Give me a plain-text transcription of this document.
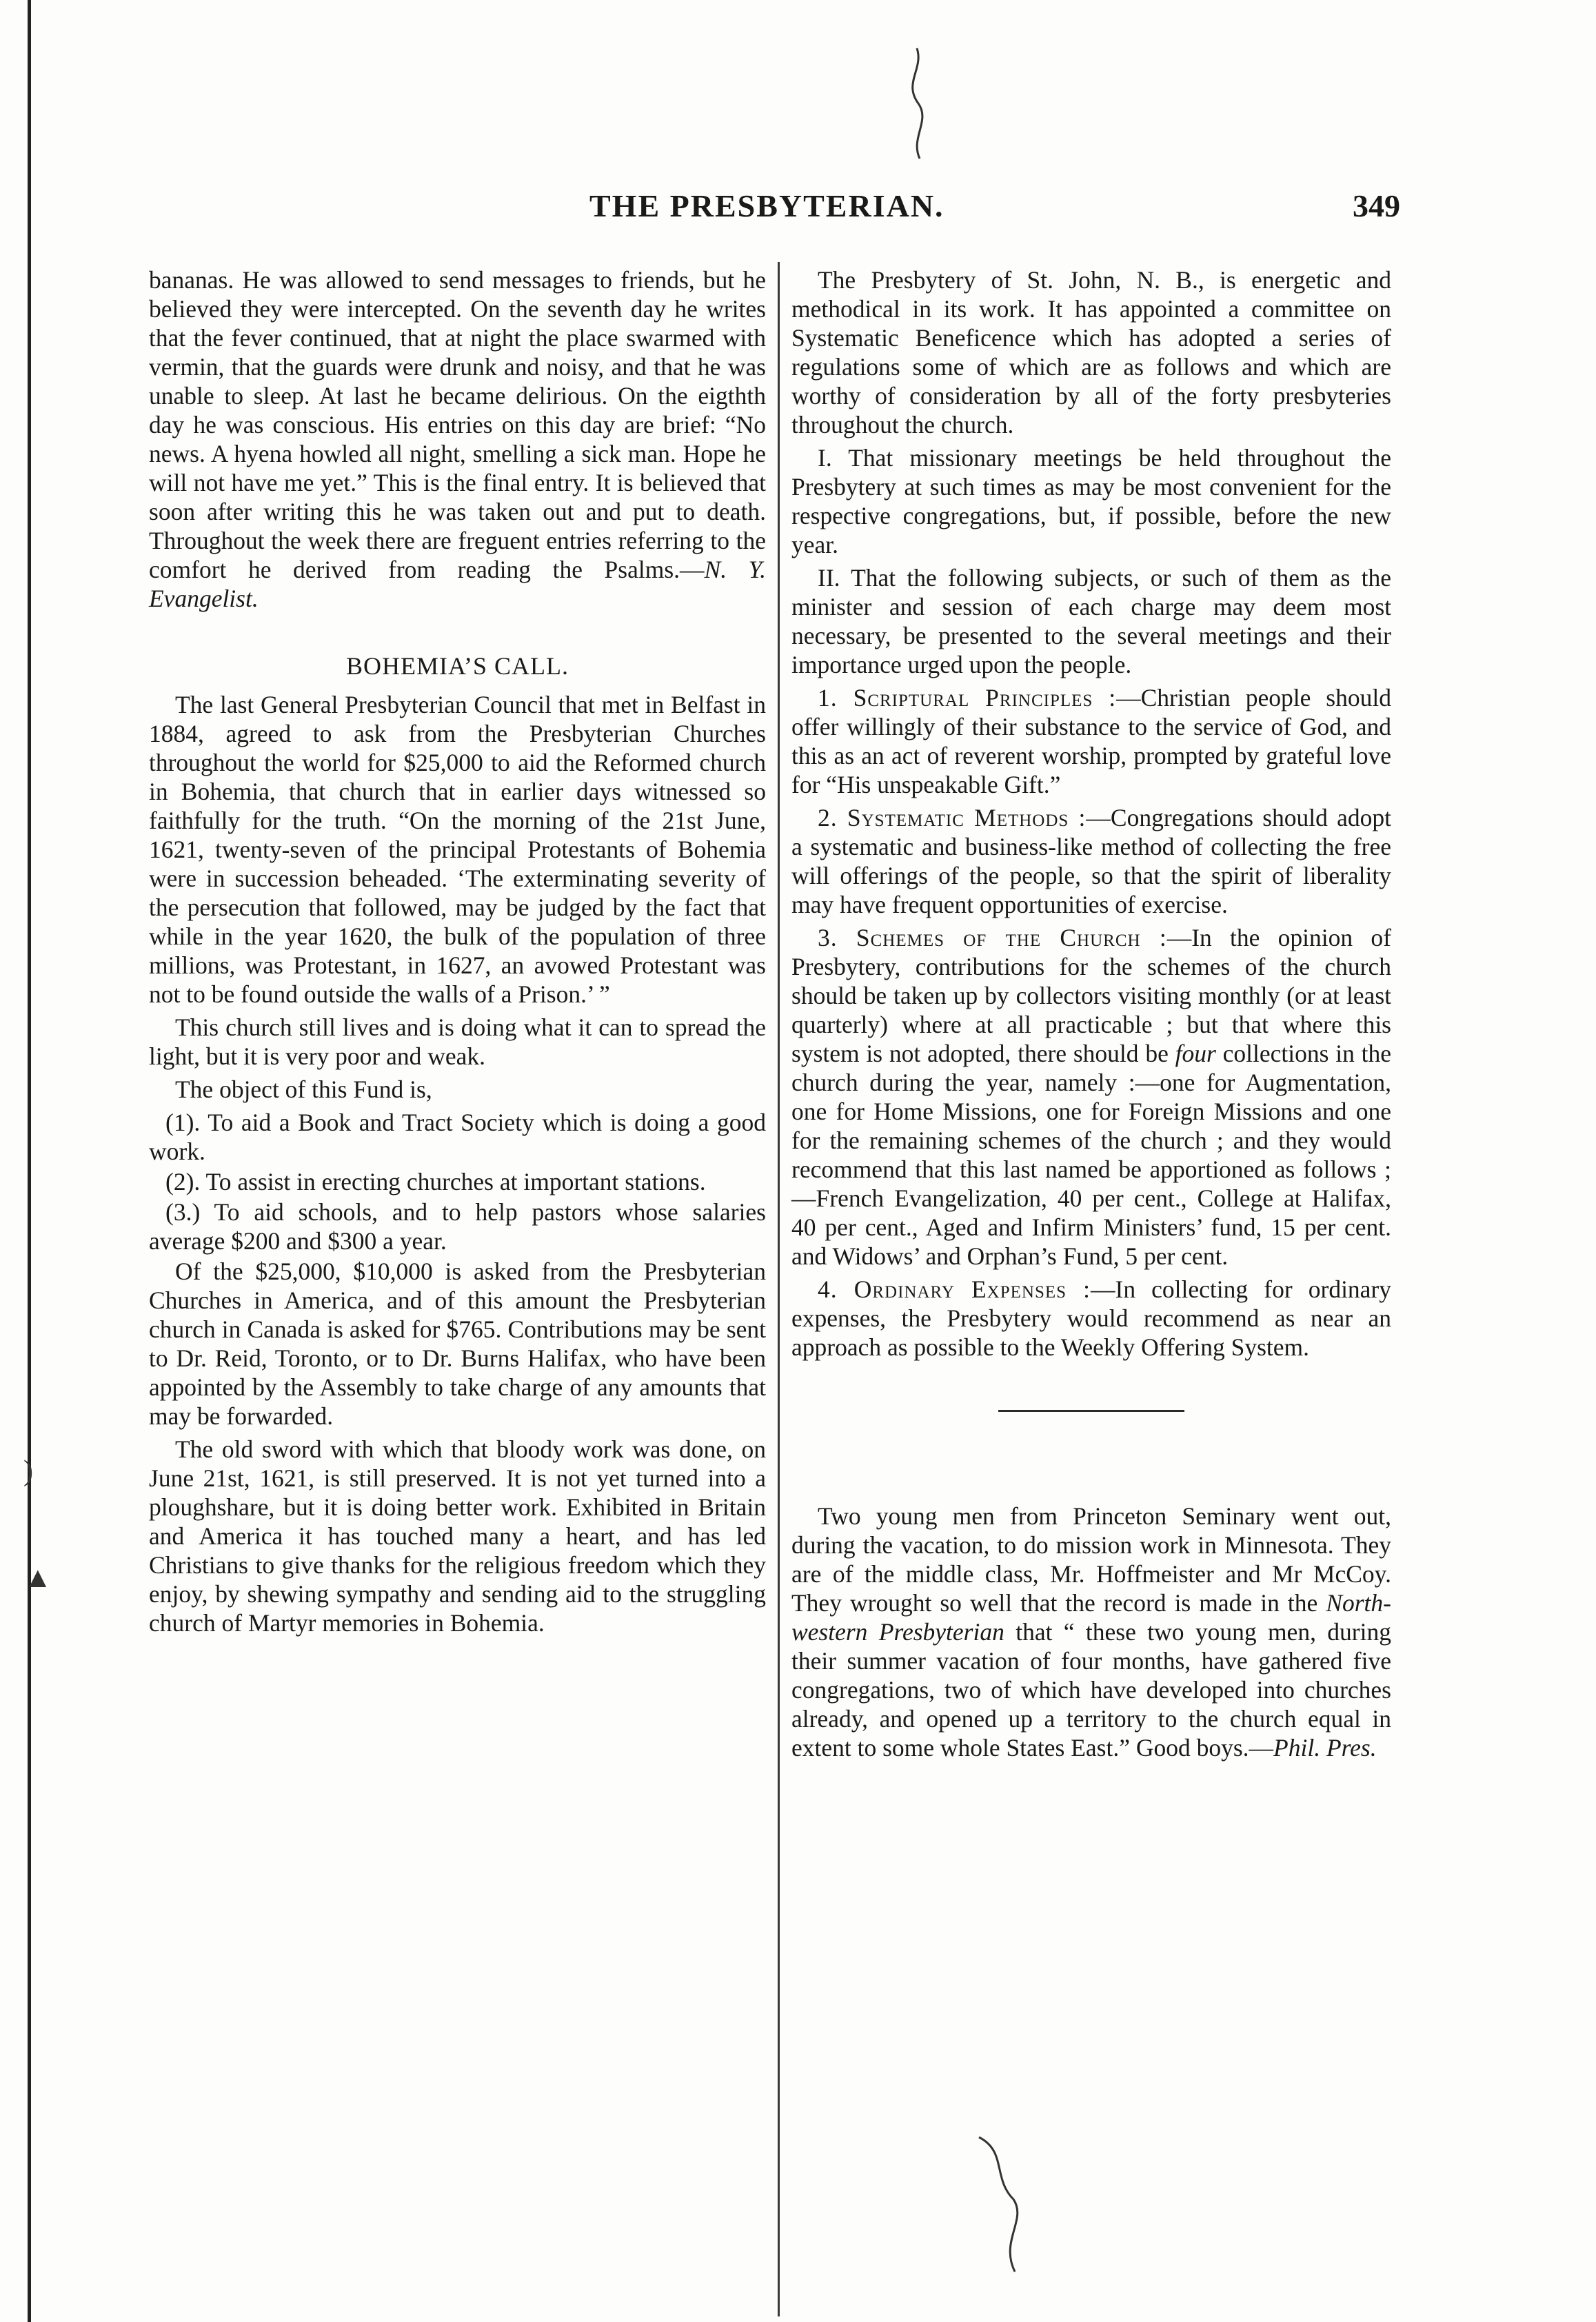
THE PRESBYTERIAN.	349

bananas. He was allowed to send messages to friends, but he believed they were intercepted. On the seventh day he writes that the fever continued, that at night the place swarmed with vermin, that the guards were drunk and noisy, and that he was unable to sleep. At last he became delirious. On the eigthth day he was conscious. His entries on this day are brief: “No news. A hyena howled all night, smelling a sick man. Hope he will not have me yet.” This is the final entry. It is believed that soon after writing this he was taken out and put to death. Throughout the week there are freguent entries referring to the comfort he derived from reading the Psalms.—N. Y. Evangelist.

BOHEMIA’S CALL.

The last General Presbyterian Council that met in Belfast in 1884, agreed to ask from the Presbyterian Churches throughout the world for $25,000 to aid the Reformed church in Bohemia, that church that in earlier days witnessed so faithfully for the truth. “On the morning of the 21st June, 1621, twenty-seven of the principal Protestants of Bohemia were in succession beheaded. ‘The exterminating severity of the persecution that followed, may be judged by the fact that while in the year 1620, the bulk of the population of three millions, was Protestant, in 1627, an avowed Protestant was not to be found outside the walls of a Prison.’ ”

This church still lives and is doing what it can to spread the light, but it is very poor and weak.

The object of this Fund is,

(1). To aid a Book and Tract Society which is doing a good work.

(2). To assist in erecting churches at important stations.

(3.) To aid schools, and to help pastors whose salaries average $200 and $300 a year.

Of the $25,000, $10,000 is asked from the Presbyterian Churches in America, and of this amount the Presbyterian church in Canada is asked for $765. Contributions may be sent to Dr. Reid, Toronto, or to Dr. Burns Halifax, who have been appointed by the Assembly to take charge of any amounts that may be forwarded.

The old sword with which that bloody work was done, on June 21st, 1621, is still preserved. It is not yet turned into a ploughshare, but it is doing better work. Exhibited in Britain and America it has touched many a heart, and has led Christians to give thanks for the religious freedom which they enjoy, by shewing sympathy and sending aid to the struggling church of Martyr memories in Bohemia.

The Presbytery of St. John, N. B., is energetic and methodical in its work. It has appointed a committee on Systematic Beneficence which has adopted a series of regulations some of which are as follows and which are worthy of consideration by all of the forty presbyteries throughout the church.

I. That missionary meetings be held throughout the Presbytery at such times as may be most convenient for the respective congregations, but, if possible, before the new year.

II. That the following subjects, or such of them as the minister and session of each charge may deem most necessary, be presented to the several meetings and their importance urged upon the people.

1. Scriptural Principles :—Christian people should offer willingly of their substance to the service of God, and this as an act of reverent worship, prompted by grateful love for “His unspeakable Gift.”

2. Systematic Methods :—Congregations should adopt a systematic and business-like method of collecting the free will offerings of the people, so that the spirit of liberality may have frequent opportunities of exercise.

3. Schemes of the Church :—In the opinion of Presbytery, contributions for the schemes of the church should be taken up by collectors visiting monthly (or at least quarterly) where at all practicable ; but that where this system is not adopted, there should be four collections in the church during the year, namely :—one for Augmentation, one for Home Missions, one for Foreign Missions and one for the remaining schemes of the church ; and they would recommend that this last named be apportioned as follows ;—French Evangelization, 40 per cent., College at Halifax, 40 per cent., Aged and Infirm Ministers’ fund, 15 per cent. and Widows’ and Orphan’s Fund, 5 per cent.

4. Ordinary Expenses :—In collecting for ordinary expenses, the Presbytery would recommend as near an approach as possible to the Weekly Offering System.

Two young men from Princeton Seminary went out, during the vacation, to do mission work in Minnesota. They are of the middle class, Mr. Hoffmeister and Mr McCoy. They wrought so well that the record is made in the North-western Presbyterian that “ these two young men, during their summer vacation of four months, have gathered five congregations, two of which have developed into churches already, and opened up a territory to the church equal in extent to some whole States East.” Good boys.—Phil. Pres.

)
▲
